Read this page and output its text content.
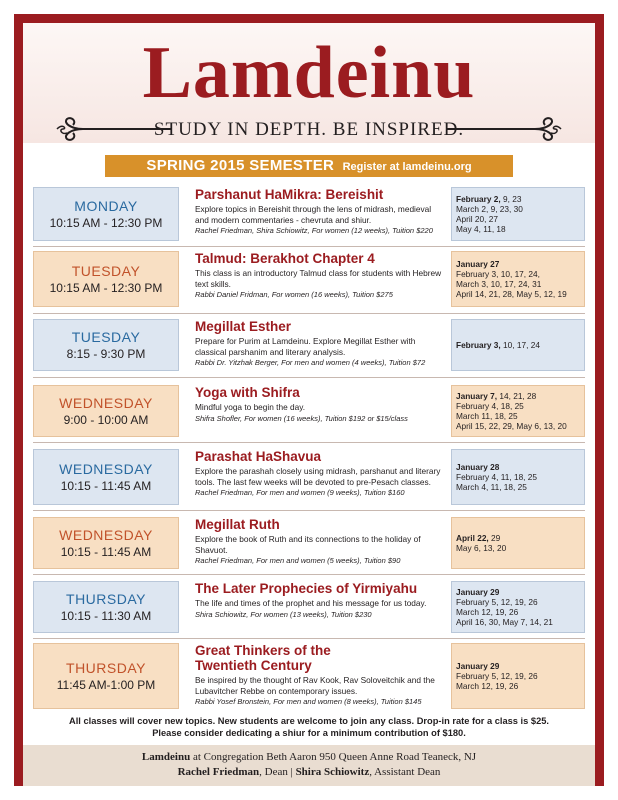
Lamdeinu
STUDY IN DEPTH. BE INSPIRED.
SPRING 2015 SEMESTER Register at lamdeinu.org
MONDAY
10:15 AM - 12:30 PM
Parshanut HaMikra: Bereishit
Explore topics in Bereishit through the lens of midrash, medieval and modern commentaries - chevruta and shiur.
Rachel Friedman, Shira Schiowitz, For women (12 weeks), Tuition $220
February 2, 9, 23
March 2, 9, 23, 30
April 20, 27
May 4, 11, 18
TUESDAY
10:15 AM - 12:30 PM
Talmud: Berakhot Chapter 4
This class is an introductory Talmud class for students with Hebrew text skills.
Rabbi Daniel Fridman, For women (16 weeks), Tuition $275
January 27
February 3, 10, 17, 24,
March 3, 10, 17, 24, 31
April 14, 21, 28, May 5, 12, 19
TUESDAY
8:15 - 9:30 PM
Megillat Esther
Prepare for Purim at Lamdeinu. Explore Megillat Esther with classical parshanim and literary analysis.
Rabbi Dr. Yitzhak Berger, For men and women (4 weeks), Tuition $72
February 3, 10, 17, 24
WEDNESDAY
9:00 - 10:00 AM
Yoga with Shifra
Mindful yoga to begin the day.
Shifra Shofler, For women (16 weeks), Tuition $192 or $15/class
January 7, 14, 21, 28
February 4, 18, 25
March 11, 18, 25
April 15, 22, 29, May 6, 13, 20
WEDNESDAY
10:15 - 11:45 AM
Parashat HaShavua
Explore the parashah closely using midrash, parshanut and literary tools. The last few weeks will be devoted to pre-Pesach classes.
Rachel Friedman, For men and women (9 weeks), Tuition $160
January 28
February 4, 11, 18, 25
March 4, 11, 18, 25
WEDNESDAY
10:15 - 11:45 AM
Megillat Ruth
Explore the book of Ruth and its connections to the holiday of Shavuot.
Rachel Friedman, For men and women (5 weeks), Tuition $90
April 22, 29
May 6, 13, 20
THURSDAY
10:15 - 11:30 AM
The Later Prophecies of Yirmiyahu
The life and times of the prophet and his message for us today.
Shira Schiowitz, For women (13 weeks), Tuition $230
January 29
February 5, 12, 19, 26
March 12, 19, 26
April 16, 30, May 7, 14, 21
THURSDAY
11:45 AM-1:00 PM
Great Thinkers of the Twentieth Century
Be inspired by the thought of Rav Kook, Rav Soloveitchik and the Lubavitcher Rebbe on contemporary issues.
Rabbi Yosef Bronstein, For men and women (8 weeks), Tuition $145
January 29
February 5, 12, 19, 26
March 12, 19, 26
All classes will cover new topics. New students are welcome to join any class. Drop-in rate for a class is $25.
Please consider dedicating a shiur for a minimum contribution of $180.
Lamdeinu at Congregation Beth Aaron 950 Queen Anne Road Teaneck, NJ
Rachel Friedman, Dean | Shira Schiowitz, Assistant Dean
